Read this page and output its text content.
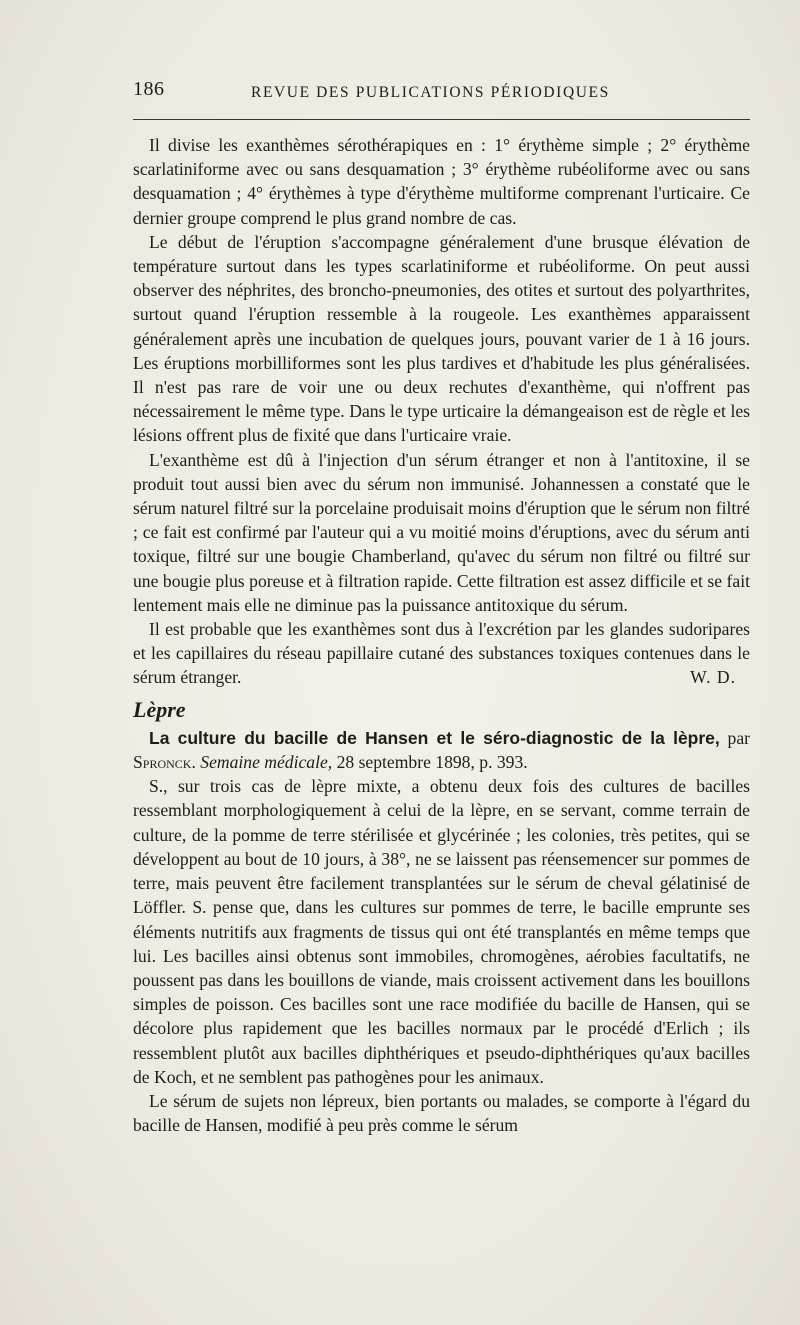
186	REVUE DES PUBLICATIONS PÉRIODIQUES

Il divise les exanthèmes sérothérapiques en : 1° érythème simple ; 2° érythème scarlatiniforme avec ou sans desquamation ; 3° érythème rubéoliforme avec ou sans desquamation ; 4° érythèmes à type d'érythème multiforme comprenant l'urticaire. Ce dernier groupe comprend le plus grand nombre de cas.

Le début de l'éruption s'accompagne généralement d'une brusque élévation de température surtout dans les types scarlatiniforme et rubéoliforme. On peut aussi observer des néphrites, des broncho-pneumonies, des otites et surtout des polyarthrites, surtout quand l'éruption ressemble à la rougeole. Les exanthèmes apparaissent généralement après une incubation de quelques jours, pouvant varier de 1 à 16 jours. Les éruptions morbilliformes sont les plus tardives et d'habitude les plus généralisées. Il n'est pas rare de voir une ou deux rechutes d'exanthème, qui n'offrent pas nécessairement le même type. Dans le type urticaire la démangeaison est de règle et les lésions offrent plus de fixité que dans l'urticaire vraie.

L'exanthème est dû à l'injection d'un sérum étranger et non à l'antitoxine, il se produit tout aussi bien avec du sérum non immunisé. Johannessen a constaté que le sérum naturel filtré sur la porcelaine produisait moins d'éruption que le sérum non filtré ; ce fait est confirmé par l'auteur qui a vu moitié moins d'éruptions, avec du sérum anti toxique, filtré sur une bougie Chamberland, qu'avec du sérum non filtré ou filtré sur une bougie plus poreuse et à filtration rapide. Cette filtration est assez difficile et se fait lentement mais elle ne diminue pas la puissance antitoxique du sérum.

Il est probable que les exanthèmes sont dus à l'excrétion par les glandes sudoripares et les capillaires du réseau papillaire cutané des substances toxiques contenues dans le sérum étranger.	W. D.

Lèpre

La culture du bacille de Hansen et le séro-diagnostic de la lèpre, par Spronck. Semaine médicale, 28 septembre 1898, p. 393.

S., sur trois cas de lèpre mixte, a obtenu deux fois des cultures de bacilles ressemblant morphologiquement à celui de la lèpre, en se servant, comme terrain de culture, de la pomme de terre stérilisée et glycérinée ; les colonies, très petites, qui se développent au bout de 10 jours, à 38°, ne se laissent pas réensemencer sur pommes de terre, mais peuvent être facilement transplantées sur le sérum de cheval gélatinisé de Löffler. S. pense que, dans les cultures sur pommes de terre, le bacille emprunte ses éléments nutritifs aux fragments de tissus qui ont été transplantés en même temps que lui. Les bacilles ainsi obtenus sont immobiles, chromogènes, aérobies facultatifs, ne poussent pas dans les bouillons de viande, mais croissent activement dans les bouillons simples de poisson. Ces bacilles sont une race modifiée du bacille de Hansen, qui se décolore plus rapidement que les bacilles normaux par le procédé d'Erlich ; ils ressemblent plutôt aux bacilles diphthériques et pseudo-diphthériques qu'aux bacilles de Koch, et ne semblent pas pathogènes pour les animaux.

Le sérum de sujets non lépreux, bien portants ou malades, se comporte à l'égard du bacille de Hansen, modifié à peu près comme le sérum
